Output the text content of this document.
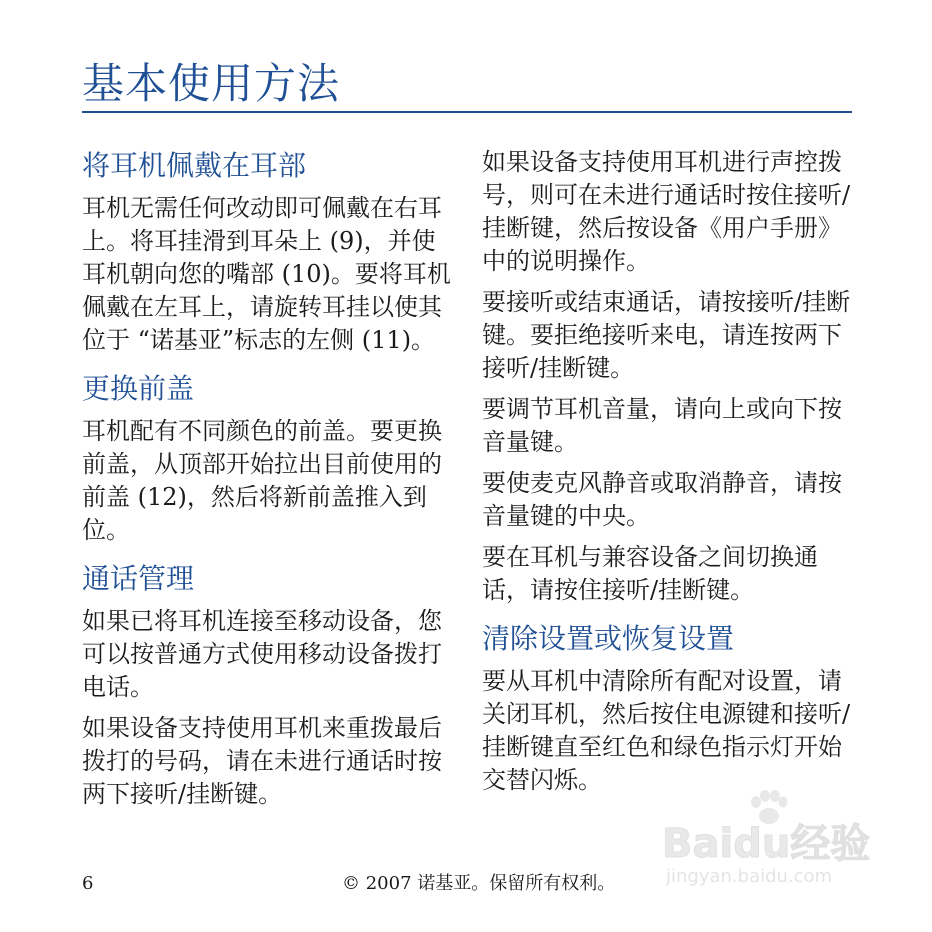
基本使用方法
将耳机佩戴在耳部

耳机无需任何改动即可佩戴在右耳上。将耳挂滑到耳朵上 (9)，并使耳机朝向您的嘴部 (10)。要将耳机佩戴在左耳上，请旋转耳挂以使其位于 “诺基亚”标志的左侧 (11)。

更换前盖

耳机配有不同颜色的前盖。要更换前盖，从顶部开始拉出目前使用的前盖 (12)，然后将新前盖推入到位。

通话管理

如果已将耳机连接至移动设备，您可以按普通方式使用移动设备拨打电话。

如果设备支持使用耳机来重拨最后拨打的号码，请在未进行通话时按两下接听/挂断键。

如果设备支持使用耳机进行声控拨号，则可在未进行通话时按住接听/挂断键，然后按设备《用户手册》中的说明操作。

要接听或结束通话，请按接听/挂断键。要拒绝接听来电，请连按两下接听/挂断键。

要调节耳机音量，请向上或向下按音量键。

要使麦克风静音或取消静音，请按音量键的中央。

要在耳机与兼容设备之间切换通话，请按住接听/挂断键。

清除设置或恢复设置

要从耳机中清除所有配对设置，请关闭耳机，然后按住电源键和接听/挂断键直至红色和绿色指示灯开始交替闪烁。

6	© 2007 诺基亚。保留所有权利。
Baidu经验
jingyan.baidu.com
